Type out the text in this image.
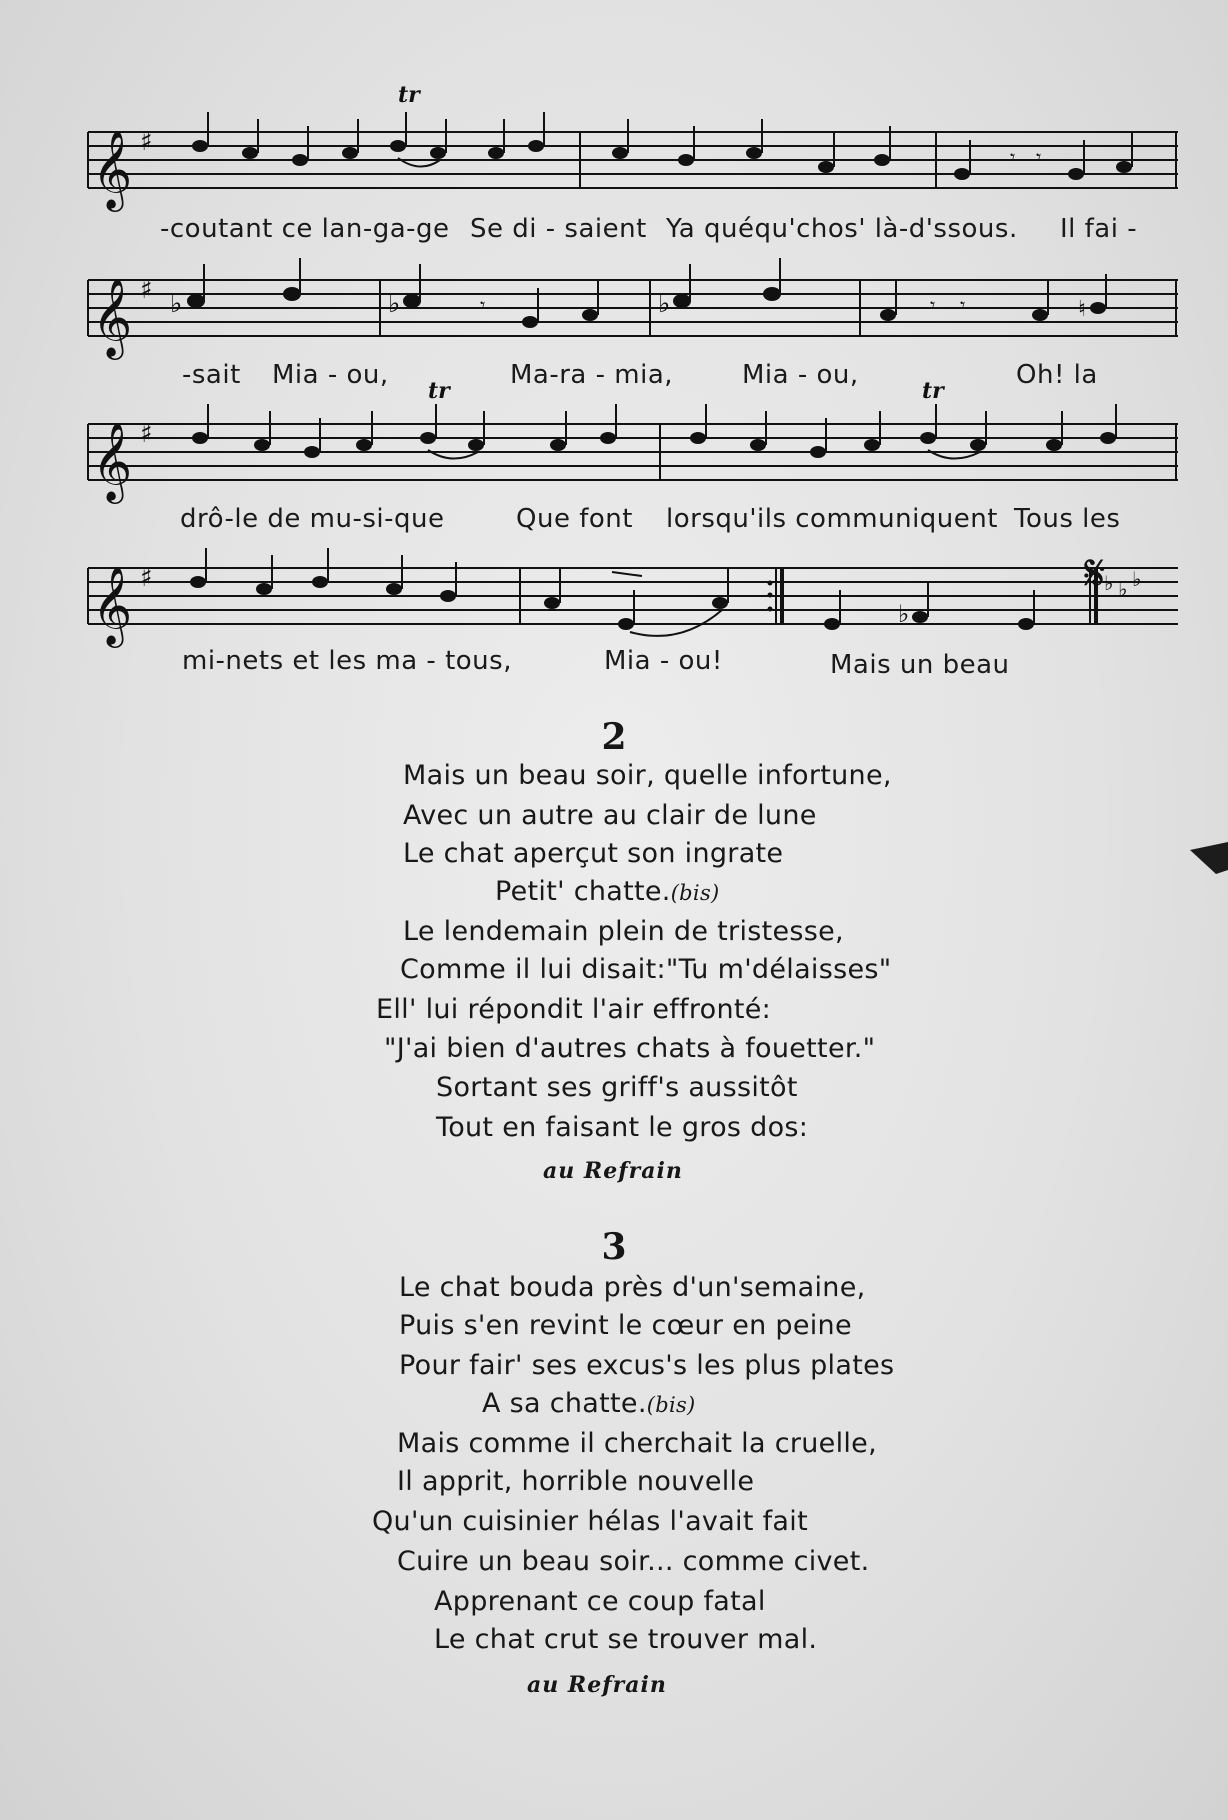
𝄞 ♯	𝄾 𝄾
tr
-coutant ce lan-ga-ge Se di - saient Ya quéqu'chos' là-d'ssous. Il fai -
𝄞 ♯ ♭	♭	♭
𝄾	𝄾 𝄾	♮
-sait Mia - ou,	Ma-ra - mia,	Mia - ou,	Oh! la
𝄞 ♯
tr	tr
drô-le de mu-si-que	Que font lorsqu'ils communiquent Tous les
𝄞 ♯
♭
𝄋
♭ ♭ ♭
mi-nets et les ma - tous,	Mia - ou!	Mais un beau
2
Mais un beau soir, quelle infortune,
Avec un autre au clair de lune
Le chat aperçut son ingrate
Petit' chatte.(bis)
Le lendemain plein de tristesse,
Comme il lui disait:"Tu m'délaisses"
Ell' lui répondit l'air effronté:
"J'ai bien d'autres chats à fouetter."
Sortant ses griff's aussitôt
Tout en faisant le gros dos:
au Refrain
3
Le chat bouda près d'un'semaine,
Puis s'en revint le cœur en peine
Pour fair' ses excus's les plus plates
A sa chatte.(bis)
Mais comme il cherchait la cruelle,
Il apprit, horrible nouvelle
Qu'un cuisinier hélas l'avait fait
Cuire un beau soir... comme civet.
Apprenant ce coup fatal
Le chat crut se trouver mal.
au Refrain
